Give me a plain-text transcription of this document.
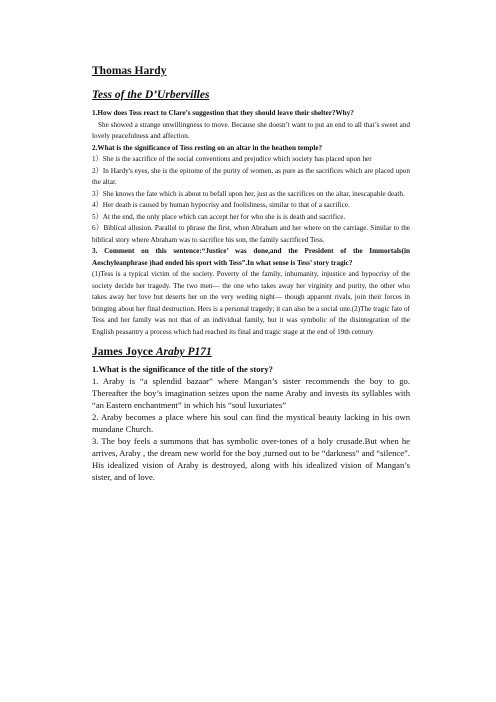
Thomas Hardy
Tess of the D’Urbervilles

1.How does Tess react to Clare’s suggestion that they should leave their shelter?Why?

She showed a strange unwillingness to move. Because she doesn’t want to put an end to all that’s sweet and lovely peacefulness and affection.

2.What is the significance of Tess resting on an altar in the heathen temple?

1）She is the sacrifice of the social conventions and prejudice which society has placed upon her

2）In Hardy's eyes, she is the epitome of the purity of women, as pure as the sacrifices which are placed upon the altar.

3）She knows the fate which is about to befall upon her, just as the sacrifices on the altar, inescapable death.

4）Her death is caused by human hypocrisy and foolishness, similar to that of a sacrifice.

5）At the end, the only place which can accept her for who she is is death and sacrifice.

6）Biblical allusion. Parallel to phrase the first, when Abraham and her where on the carriage. Similar to the biblical story where Abraham was to sacrifice his son, the family sacrificed Tess.

3. Comment on this sentence:“Justice’ was done,and the President of the Immortals(in Aeschyleanphrase )had ended his sport with Tess”.In what sense is Tess’ story tragic?

(1)Tess is a typical victim of the society. Poverty of the family, inhumanity, injustice and hypocrisy of the society decide her tragedy. The two men— the one who takes away her virginity and purity, the other who takes away her love but deserts her on the very weding night— though apparent rivals, join their forces in bringing about her final destruction. Hers is a personal tragedy; it can also be a social one.(2)The tragic fate of Tess and her family was not that of an individual family, but it was symbolic of the disintegration of the English peasantry a process which had reached its final and tragic stage at the end of 19th century

James Joyce Araby P171

1.What is the significance of the title of the story?

1. Araby is “a splendid bazaar” where Mangan’s sister recommends the boy to go. Thereafter the boy’s imagination seizes upon the name Araby and invests its syllables with “an Eastern enchantment” in which his “soul luxuriates”

2. Araby becomes a place where his soul can find the mystical beauty lacking in his own mundane Church.

3. The boy feels a summons that has symbolic over-tones of a holy crusade.But when he arrives, Araby , the dream new world for the boy ,turned out to be “darkness” and “silence”. His idealized vision of Araby is destroyed, along with his idealized vision of Mangan’s sister, and of love.
